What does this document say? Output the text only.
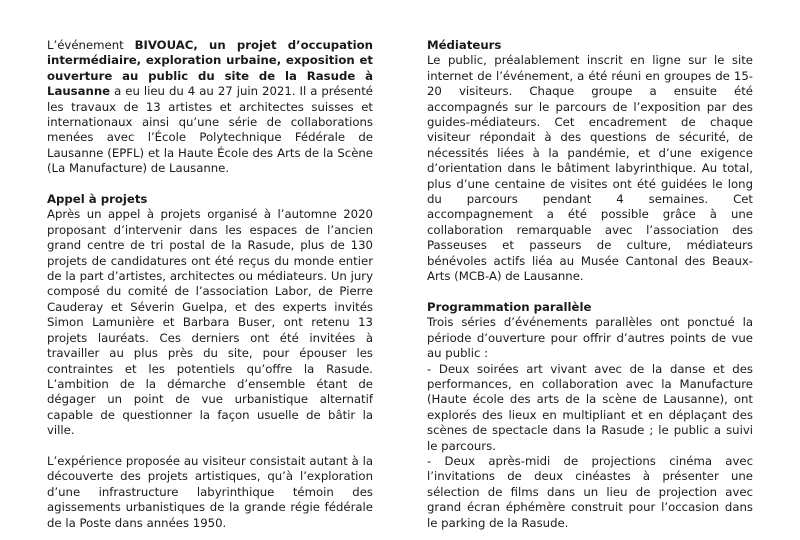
L’événement BIVOUAC, un projet d’occupation intermédiaire, exploration urbaine, exposition et ouverture au public du site de la Rasude à Lausanne a eu lieu du 4 au 27 juin 2021. Il a présenté les travaux de 13 artistes et architectes suisses et internationaux ainsi qu’une série de collaborations menées avec l’École Polytechnique Fédérale de Lausanne (EPFL) et la Haute École des Arts de la Scène (La Manufacture) de Lausanne.

Appel à projets

Après un appel à projets organisé à l’automne 2020 proposant d’intervenir dans les espaces de l’ancien grand centre de tri postal de la Rasude, plus de 130 projets de candidatures ont été reçus du monde entier de la part d’artistes, architectes ou médiateurs. Un jury composé du comité de l’association Labor, de Pierre Cauderay et Séverin Guelpa, et des experts invités Simon Lamunière et Barbara Buser, ont retenu 13 projets lauréats. Ces derniers ont été invitées à travailler au plus près du site, pour épouser les contraintes et les potentiels qu’offre la Rasude. L’ambition de la démarche d’ensemble étant de dégager un point de vue urbanistique alternatif capable de questionner la façon usuelle de bâtir la ville.

L’expérience proposée au visiteur consistait autant à la découverte des projets artistiques, qu’à l’exploration d’une infrastructure labyrinthique témoin des agissements urbanistiques de la grande régie fédérale de la Poste dans années 1950.

Médiateurs

Le public, préalablement inscrit en ligne sur le site internet de l’événement, a été réuni en groupes de 15-20 visiteurs. Chaque groupe a ensuite été accompagnés sur le parcours de l’exposition par des guides-médiateurs. Cet encadrement de chaque visiteur répondait à des questions de sécurité, de nécessités liées à la pandémie, et d’une exigence d’orientation dans le bâtiment labyrinthique. Au total, plus d’une centaine de visites ont été guidées le long du parcours pendant 4 semaines. Cet accompagnement a été possible grâce à une collaboration remarquable avec l’association des Passeuses et passeurs de culture, médiateurs bénévoles actifs liéa au Musée Cantonal des Beaux-Arts (MCB-A) de Lausanne.

Programmation parallèle

Trois séries d’événements parallèles ont ponctué la période d’ouverture pour offrir d’autres points de vue au public :

- Deux soirées art vivant avec de la danse et des performances, en collaboration avec la Manufacture (Haute école des arts de la scène de Lausanne), ont explorés des lieux en multipliant et en déplaçant des scènes de spectacle dans la Rasude ; le public a suivi le parcours.

- Deux après-midi de projections cinéma avec l’invitations de deux cinéastes à présenter une sélection de films dans un lieu de projection avec grand écran éphémère construit pour l’occasion dans le parking de la Rasude.
